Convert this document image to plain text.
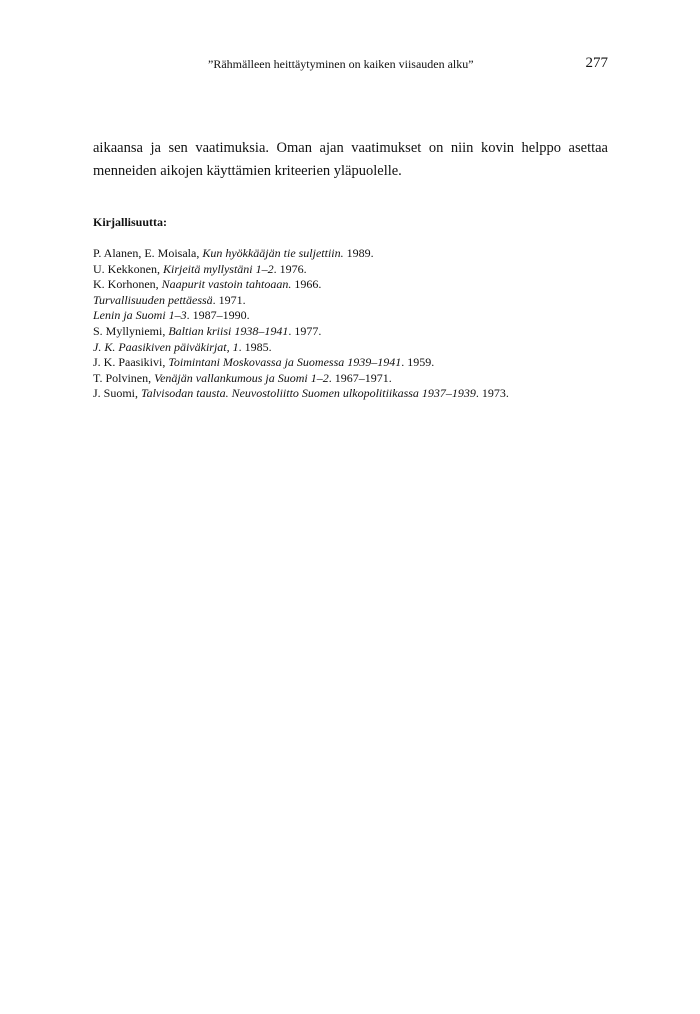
”Rähmälleen heittäytyminen on kaiken viisauden alku”	277

aikaansa ja sen vaatimuksia. Oman ajan vaatimukset on niin kovin helppo asettaa
menneiden aikojen käyttämien kriteerien yläpuolelle.

Kirjallisuutta:
P. Alanen, E. Moisala, Kun hyökkääjän tie suljettiin. 1989.
U. Kekkonen, Kirjeitä myllystäni 1–2. 1976.
K. Korhonen, Naapurit vastoin tahtoaan. 1966.
Turvallisuuden pettäessä. 1971.
Lenin ja Suomi 1–3. 1987–1990.
S. Myllyniemi, Baltian kriisi 1938–1941. 1977.
J. K. Paasikiven päiväkirjat, 1. 1985.
J. K. Paasikivi, Toimintani Moskovassa ja Suomessa 1939–1941. 1959.
T. Polvinen, Venäjän vallankumous ja Suomi 1–2. 1967–1971.
J. Suomi, Talvisodan tausta. Neuvostoliitto Suomen ulkopolitiikassa 1937–1939. 1973.
